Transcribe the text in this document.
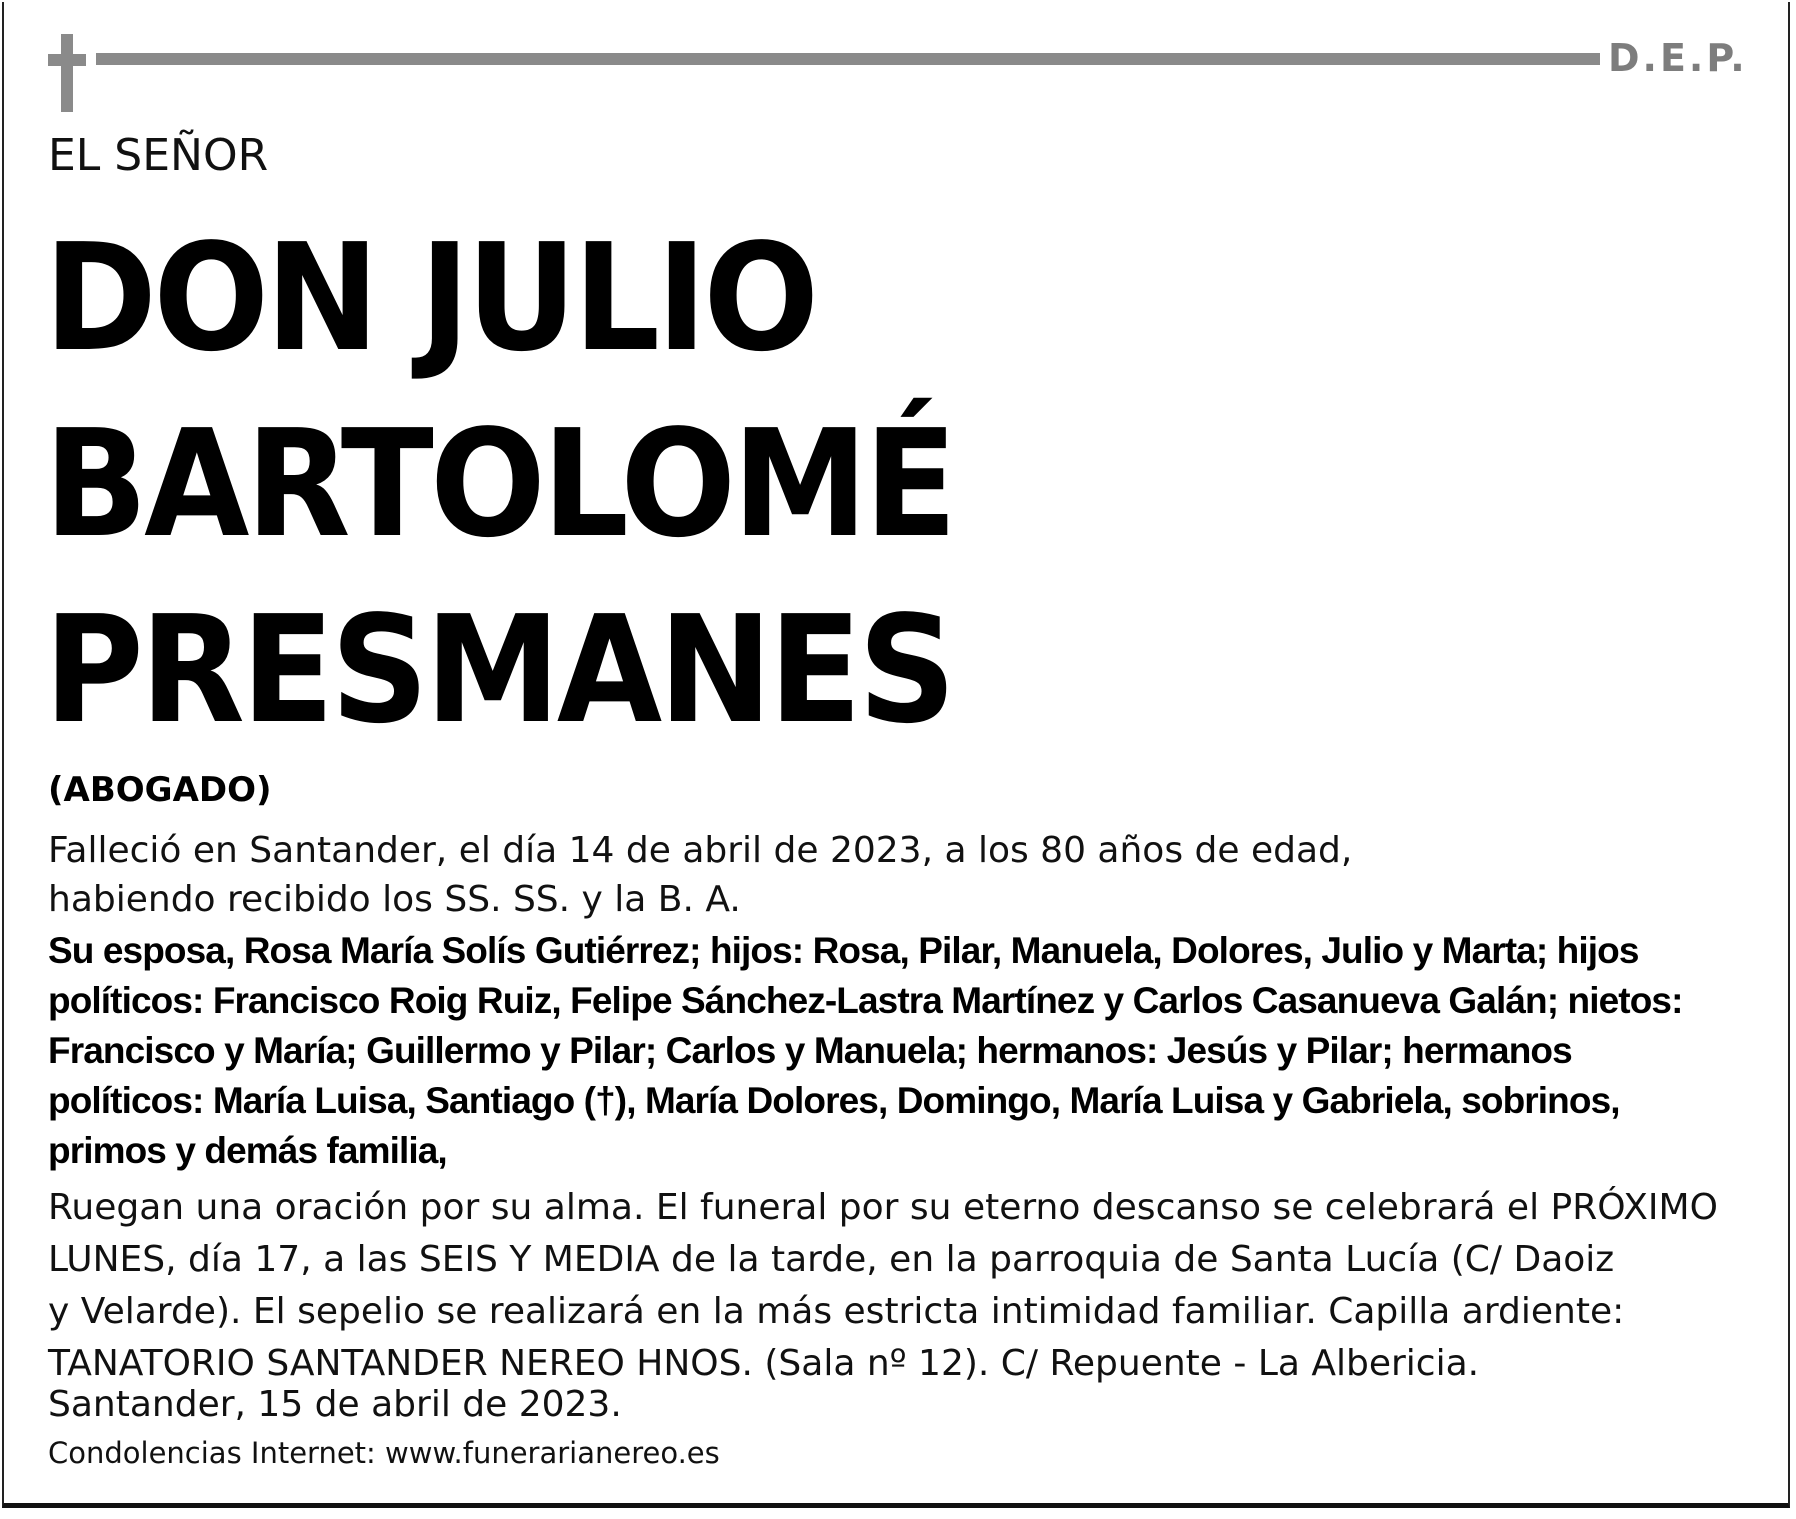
D.E.P.
EL SEÑOR
DON JULIO
BARTOLOMÉ
PRESMANES
(ABOGADO)
Falleció en Santander, el día 14 de abril de 2023, a los 80 años de edad,
habiendo recibido los SS. SS. y la B. A.
Su esposa, Rosa María Solís Gutiérrez; hijos: Rosa, Pilar, Manuela, Dolores, Julio y Marta; hijos
políticos: Francisco Roig Ruiz, Felipe Sánchez-Lastra Martínez y Carlos Casanueva Galán; nietos:
Francisco y María; Guillermo y Pilar; Carlos y Manuela; hermanos: Jesús y Pilar; hermanos
políticos: María Luisa, Santiago (†), María Dolores, Domingo, María Luisa y Gabriela, sobrinos,
primos y demás familia,
Ruegan una oración por su alma. El funeral por su eterno descanso se celebrará el PRÓXIMO
LUNES, día 17, a las SEIS Y MEDIA de la tarde, en la parroquia de Santa Lucía (C/ Daoiz
y Velarde). El sepelio se realizará en la más estricta intimidad familiar. Capilla ardiente:
TANATORIO SANTANDER NEREO HNOS. (Sala nº 12). C/ Repuente - La Albericia.
Santander, 15 de abril de 2023.
Condolencias Internet: www.funerarianereo.es
